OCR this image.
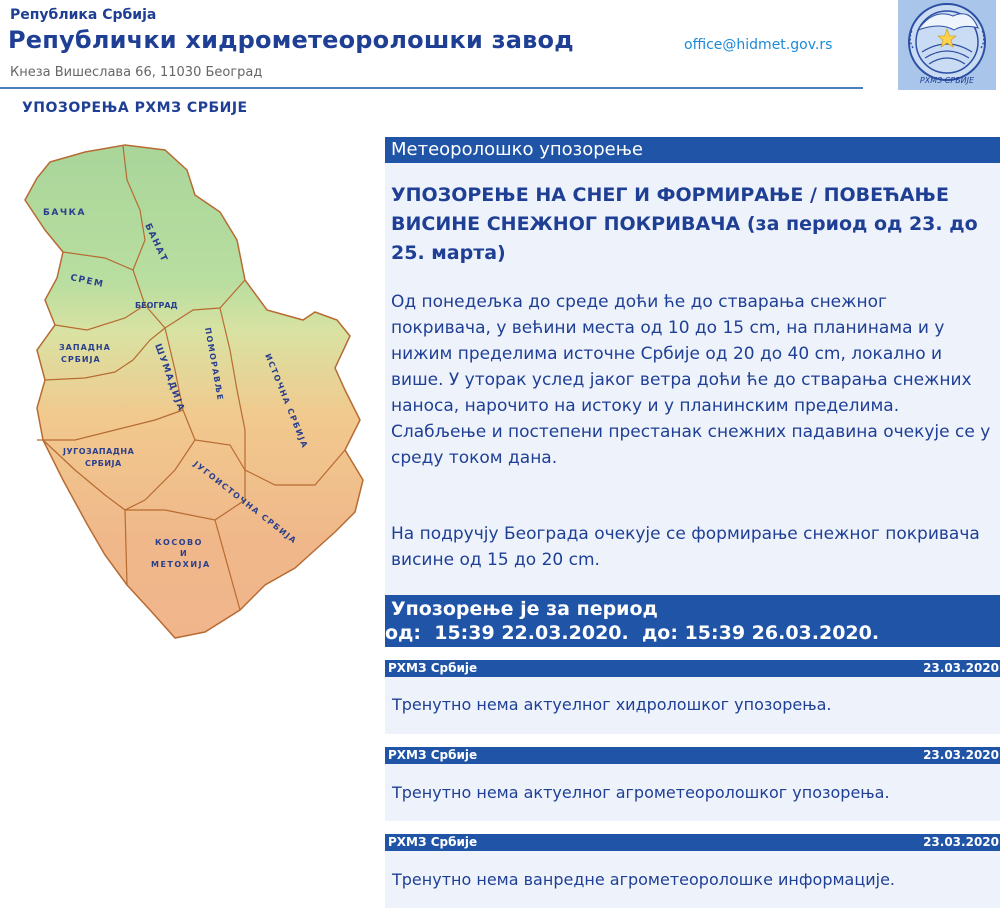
Република Србија
Републички хидрометеоролошки завод
Кнеза Вишеслава 66, 11030 Београд
office@hidmet.gov.rs
РХМЗ СРБИЈЕ
УПОЗОРЕЊА РХМЗ СРБИЈЕ
БАЧКА
БАНАТ
СРЕМ
БЕОГРАД
ЗАПАДНА
СРБИЈА	ШУМАДИЈА ПОМОРАВЉЕ	ИСТОЧНА СРБИЈА
ЈУГОЗАПАДНА
СРБИЈА	ЈУГОИСТОЧНА СРБИЈА
КОСОВО
И
МЕТОХИЈА
Метеоролошко упозорење
УПОЗОРЕЊЕ НА СНЕГ И ФОРМИРАЊЕ / ПОВЕЋАЊЕ ВИСИНЕ СНЕЖНОГ ПОКРИВАЧА (за период од 23. до 25. марта)
Од понедељка до среде доћи ће до стварања снежног покривача, у већини места од 10 до 15 cm, на планинама и у нижим пределима источне Србије од 20 до 40 cm, локално и више. У уторак услед јаког ветра доћи ће до стварања снежних наноса, нарочито на истоку и у планинским пределима. Слабљење и постепени престанак снежних падавина очекује се у среду током дана.
На подручју Београда очекује се формирање снежног покривача висине од 15 до 20 cm.
Упозорење је за период
од:  15:39 22.03.2020.  до: 15:39 26.03.2020.
РХМЗ Србије	23.03.2020
Тренутно нема актуелног хидролошког упозорења.
РХМЗ Србије	23.03.2020
Тренутно нема актуелног агрометеоролошког упозорења.
РХМЗ Србије	23.03.2020
Тренутно нема ванредне агрометеоролошке информације.
